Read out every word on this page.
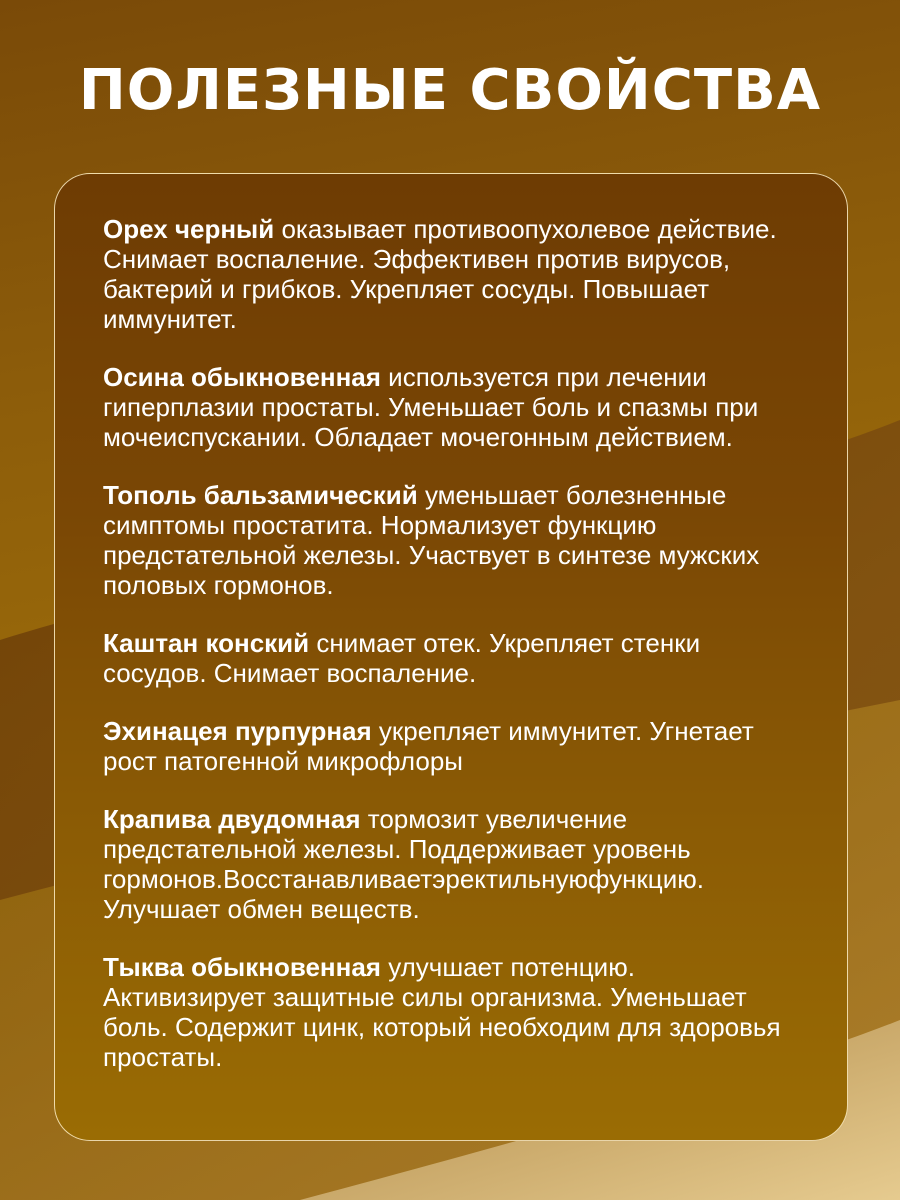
ПОЛЕЗНЫЕ СВОЙСТВА

Орех черный оказывает противоопухолевое действие. Снимает воспаление. Эффективен против вирусов, бактерий и грибков. Укрепляет сосуды. Повышает иммунитет.

Осина обыкновенная используется при лечении гиперплазии простаты. Уменьшает боль и спазмы при мочеиспускании. Обладает мочегонным действием.

Тополь бальзамический уменьшает болезненные симптомы простатита. Нормализует функцию предстательной железы. Участвует в синтезе мужских половых гормонов.

Каштан конский снимает отек. Укрепляет стенки сосудов. Снимает воспаление.

Эхинацея пурпурная укрепляет иммунитет. Угнетает рост патогенной микрофлоры

Крапива двудомная тормозит увеличение предстательной железы. Поддерживает уровень гормонов.Восстанавливаетэректильнуюфункцию. Улучшает обмен веществ.

Тыква обыкновенная улучшает потенцию. Активизирует защитные силы организма. Уменьшает боль. Содержит цинк, который необходим для здоровья простаты.
